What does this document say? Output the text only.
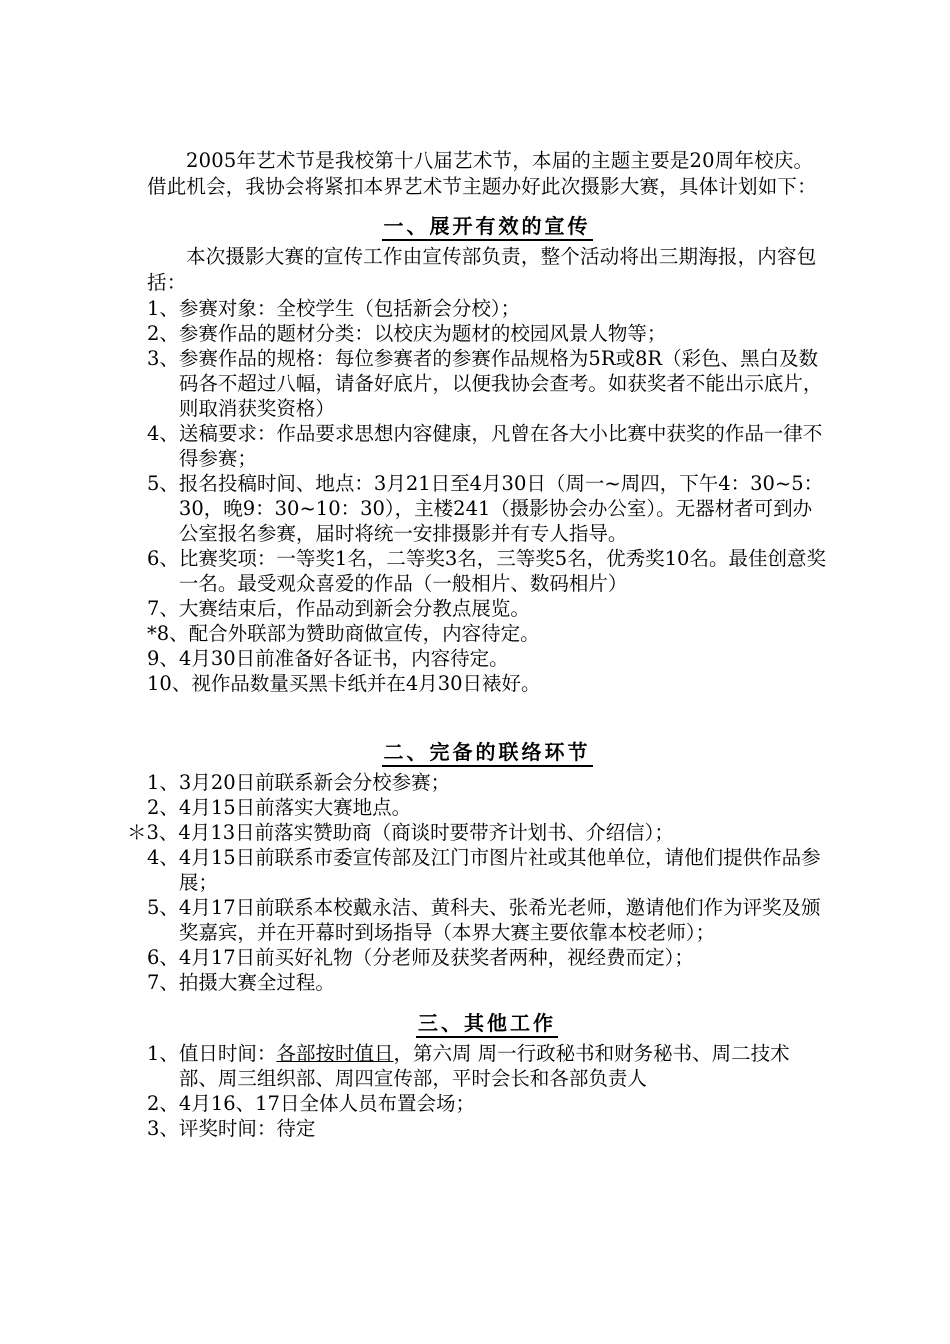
2005年艺术节是我校第十八届艺术节，本届的主题主要是20周年校庆。借此机会，我协会将紧扣本界艺术节主题办好此次摄影大赛，具体计划如下：

一、展开有效的宣传

本次摄影大赛的宣传工作由宣传部负责，整个活动将出三期海报，内容包括：

1、 参赛对象：全校学生（包括新会分校）；
2、 参赛作品的题材分类：以校庆为题材的校园风景人物等；
3、 参赛作品的规格：每位参赛者的参赛作品规格为5R或8R（彩色、黑白及数码各不超过八幅，请备好底片，以便我协会查考。如获奖者不能出示底片，则取消获奖资格）
4、 送稿要求：作品要求思想内容健康，凡曾在各大小比赛中获奖的作品一律不得参赛；
5、 报名投稿时间、地点：3月21日至4月30日（周一~周四，下午4：30~5：30，晚9：30~10：30），主楼241（摄影协会办公室）。无器材者可到办公室报名参赛，届时将统一安排摄影并有专人指导。
6、 比赛奖项：一等奖1名，二等奖3名，三等奖5名，优秀奖10名。最佳创意奖一名。最受观众喜爱的作品（一般相片、数码相片）
7、 大赛结束后，作品动到新会分教点展览。
*8、 配合外联部为赞助商做宣传，内容待定。
9、 4月30日前准备好各证书，内容待定。
10、 视作品数量买黑卡纸并在4月30日裱好。
二、完备的联络环节
1、 3月20日前联系新会分校参赛；
2、 4月15日前落实大赛地点。
＊3、 4月13日前落实赞助商（商谈时要带齐计划书、介绍信）；
4、 4月15日前联系市委宣传部及江门市图片社或其他单位，请他们提供作品参展；
5、 4月17日前联系本校戴永洁、黄科夫、张希光老师，邀请他们作为评奖及颁奖嘉宾，并在开幕时到场指导（本界大赛主要依靠本校老师）；
6、 4月17日前买好礼物（分老师及获奖者两种，视经费而定）；
7、 拍摄大赛全过程。
三、其他工作
1、 值日时间：各部按时值日，第六周 周一行政秘书和财务秘书、周二技术部、周三组织部、周四宣传部，平时会长和各部负责人
2、 4月16、17日全体人员布置会场；
3、 评奖时间：待定
